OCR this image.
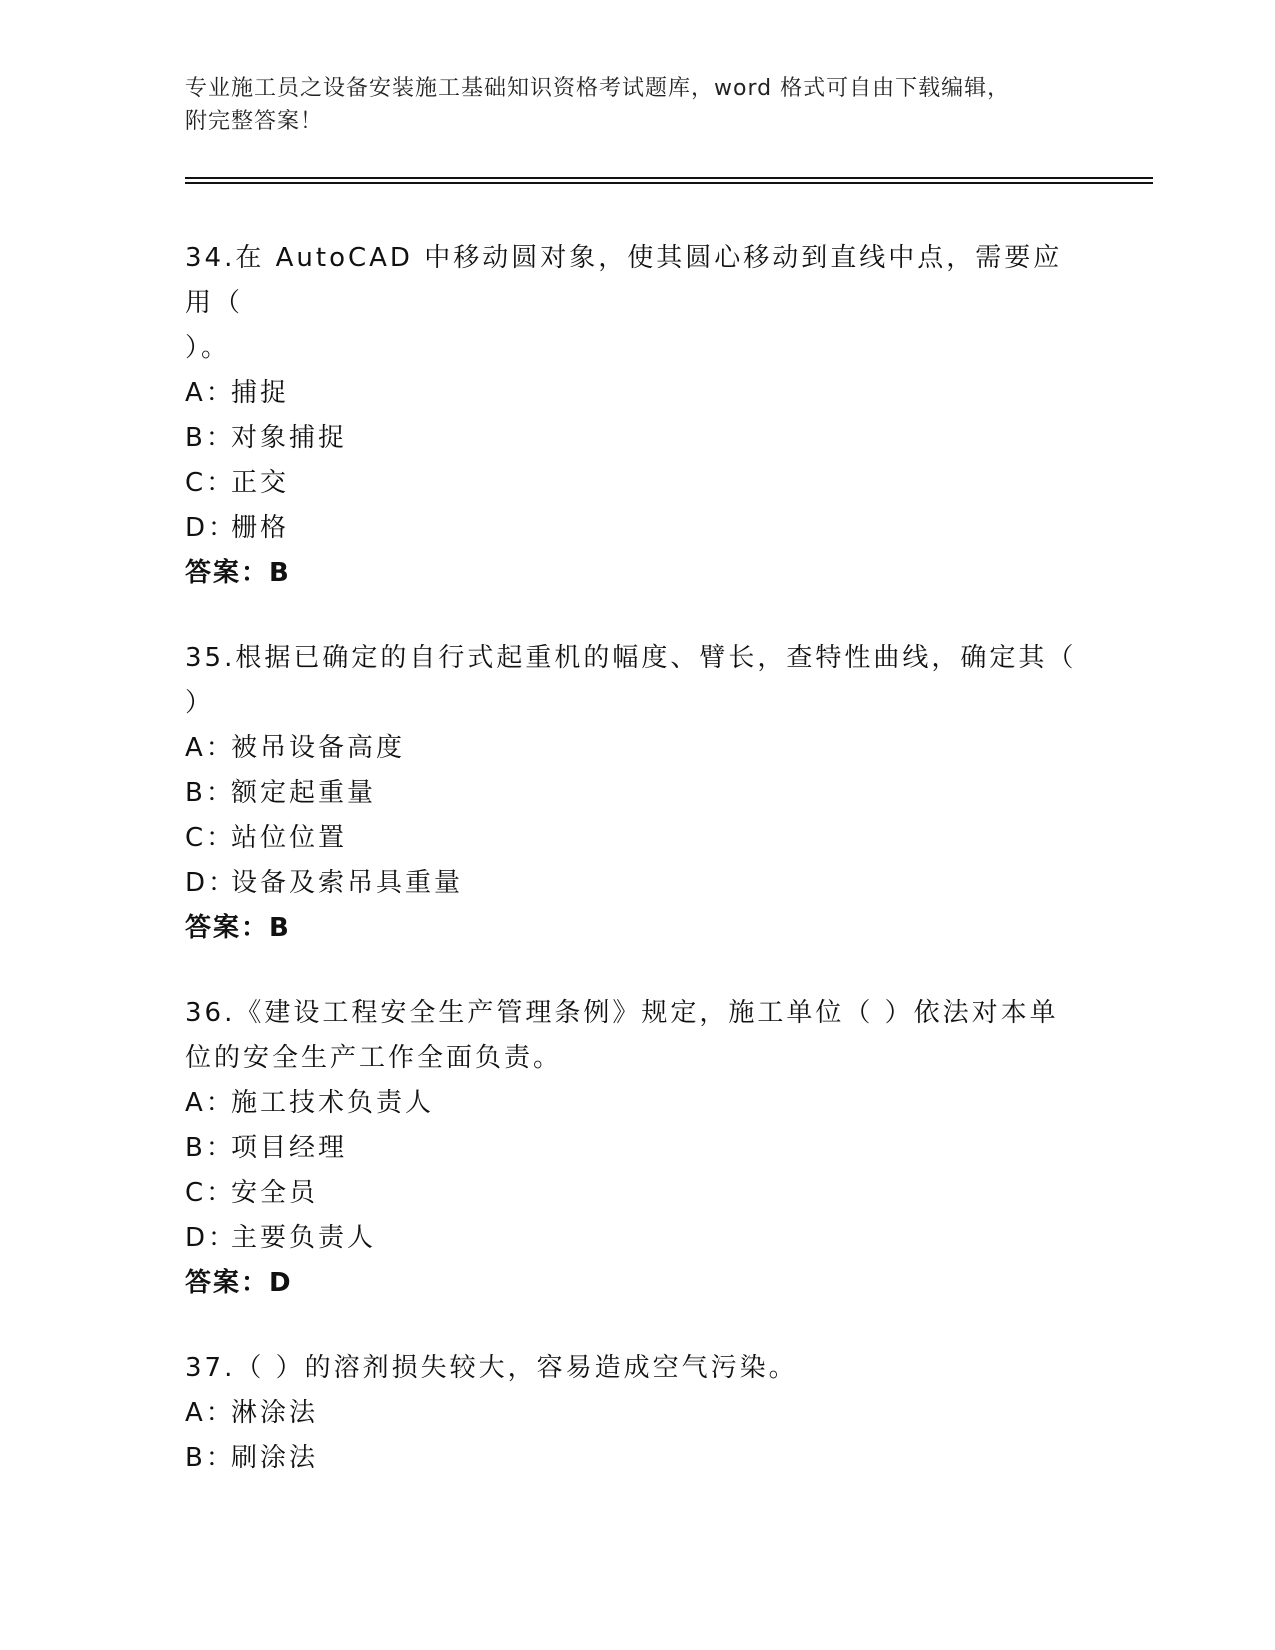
专业施工员之设备安装施工基础知识资格考试题库，word 格式可自由下载编辑，
附完整答案！

34.在 AutoCAD 中移动圆对象，使其圆心移动到直线中点，需要应用（

）。

A：
捕捉
B：
对象捕捉
C：
正交
D：
栅格

答案：B

35.根据已确定的自行式起重机的幅度、臂长，查特性曲线，确定其（

）

A：
被吊设备高度
B：
额定起重量
C：
站位位置
D：
设备及索吊具重量

答案：B

36.《建设工程安全生产管理条例》规定，施工单位（ ）依法对本单

位的安全生产工作全面负责。

A：
施工技术负责人
B：
项目经理
C：
安全员
D：
主要负责人

答案：D

37.（ ）的溶剂损失较大，容易造成空气污染。

A：
淋涂法
B：
刷涂法
